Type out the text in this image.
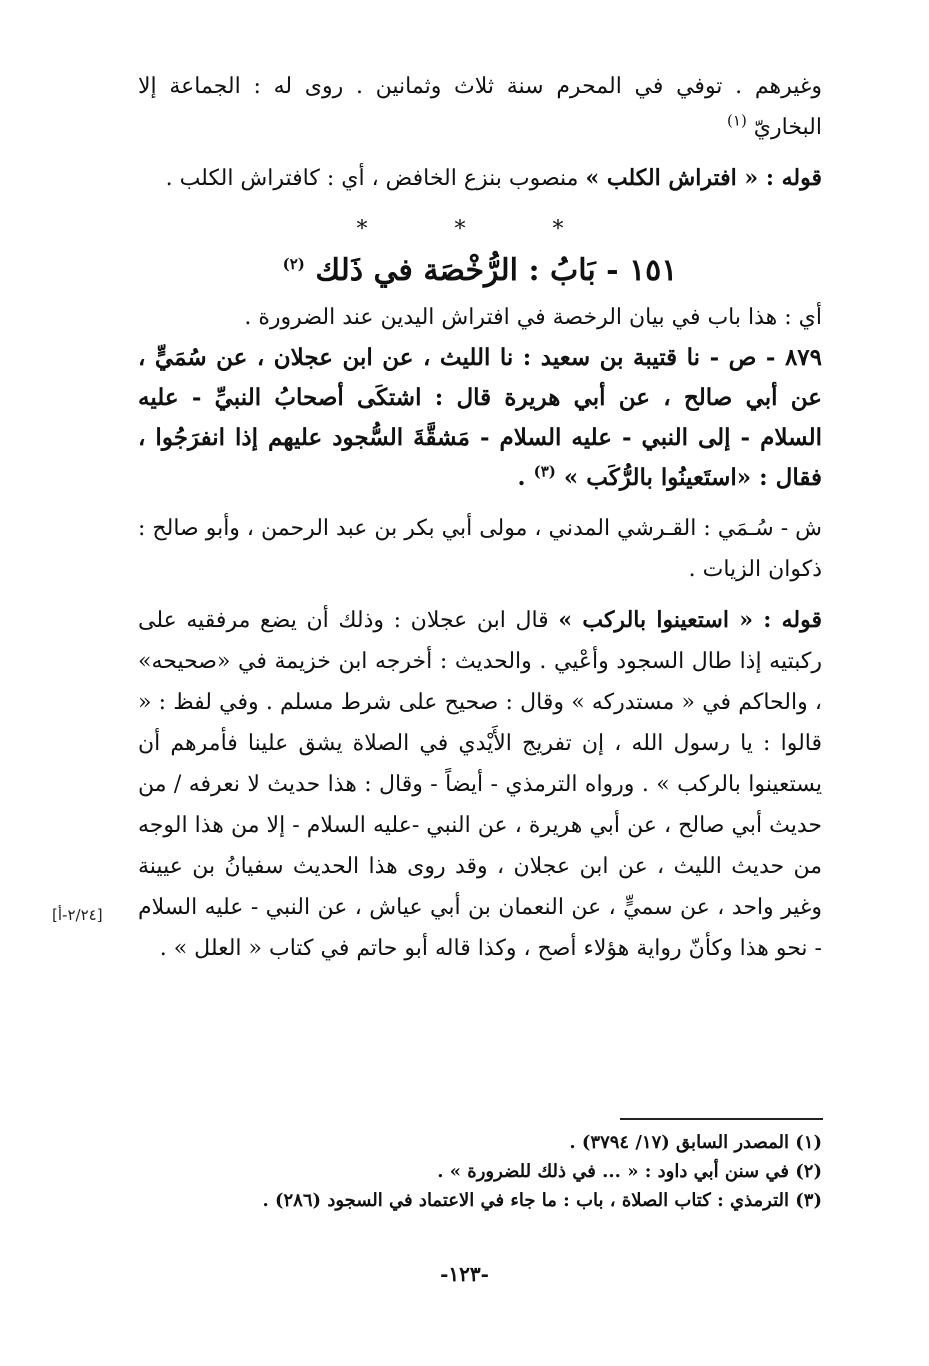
وغيرهم . توفي في المحرم سنة ثلاث وثمانين . روى له : الجماعة إلا البخاريّ $^{(١)}$

قوله : « افتراش الكلب » منصوب بنزع الخافض ، أي : كافتراش الكلب .

* * *
١٥١ - بَابُ : الرُّخْصَة في ذَلك $^{(٢)}$

أي : هذا باب في بيان الرخصة في افتراش اليدين عند الضرورة .

٨٧٩ - ص - نا قتيبة بن سعيد : نا الليث ، عن ابن عجلان ، عن سُمَيٍّ ، عن أبي صالح ، عن أبي هريرة قال : اشتكَى أصحابُ النبيِّ - عليه السلام - إلى النبي - عليه السلام - مَشقَّةَ السُّجود عليهم إذا انفرَجُوا ، فقال : «استَعينُوا بالرُّكَب » $^{(٣)}$ .

ش - سُـمَي : القـرشي المدني ، مولى أبي بكر بن عبد الرحمن ، وأبو صالح : ذكوان الزيات .

قوله : « استعينوا بالركب » قال ابن عجلان : وذلك أن يضع مرفقيه على ركبتيه إذا طال السجود وأعْيي . والحديث : أخرجه ابن خزيمة في «صحيحه» ، والحاكم في « مستدركه » وقال : صحيح على شرط مسلم . وفي لفظ : « قالوا : يا رسول الله ، إن تفريج الأَيْدي في الصلاة يشق علينا فأمرهم أن يستعينوا بالركب » . ورواه الترمذي - أيضاً - وقال : هذا حديث لا نعرفه / من حديث أبي صالح ، عن أبي هريرة ، عن النبي -عليه السلام - إلا من هذا الوجه من حديث الليث ، عن ابن عجلان ، وقد روى هذا الحديث سفيانُ بن عيينة وغير واحد ، عن سميٍّ ، عن النعمان بن أبي عياش ، عن النبي - عليه السلام - نحو هذا وكأنّ رواية هؤلاء أصح ، وكذا قاله أبو حاتم في كتاب « العلل » .

[٢/٢٤-أ]

(١) المصدر السابق (١٧/ ٣٧٩٤) .

(٢) في سنن أبي داود : « ... في ذلك للضرورة » .

(٣) الترمذي : كتاب الصلاة ، باب : ما جاء في الاعتماد في السجود (٢٨٦) .

-١٢٣-
